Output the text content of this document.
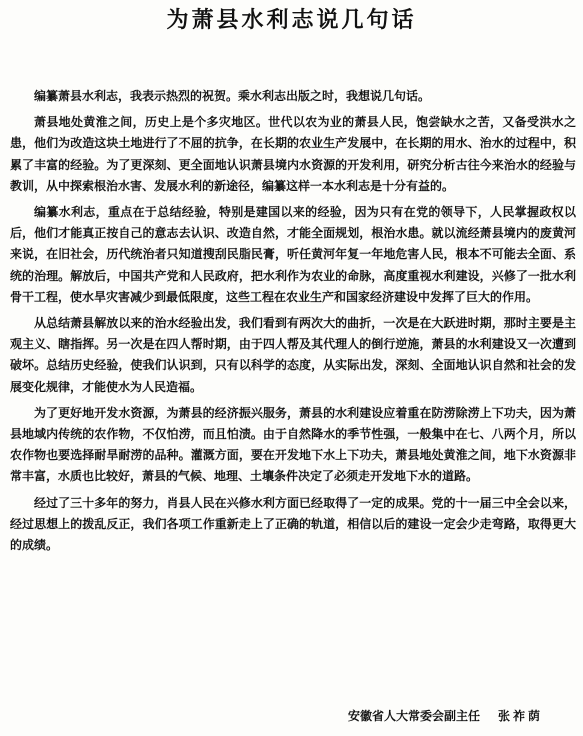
为萧县水利志说几句话

编纂萧县水利志，我表示热烈的祝贺。乘水利志出版之时，我想说几句话。

萧县地处黄淮之间，历史上是个多灾地区。世代以农为业的萧县人民，饱尝缺水之苦，又备受洪水之患，他们为改造这块土地进行了不屈的抗争，在长期的农业生产发展中，在长期的用水、治水的过程中，积累了丰富的经验。为了更深刻、更全面地认识萧县境内水资源的开发利用，研究分析古往今来治水的经验与教训，从中探索根治水害、发展水利的新途径，编纂这样一本水利志是十分有益的。

编纂水利志，重点在于总结经验，特别是建国以来的经验，因为只有在党的领导下，人民掌握政权以后，他们才能真正按自己的意志去认识、改造自然，才能全面规划，根治水患。就以流经萧县境内的废黄河来说，在旧社会，历代统治者只知道搜刮民脂民膏，听任黄河年复一年地危害人民，根本不可能去全面、系统的治理。解放后，中国共产党和人民政府，把水利作为农业的命脉，高度重视水利建设，兴修了一批水利骨干工程，使水旱灾害减少到最低限度，这些工程在农业生产和国家经济建设中发挥了巨大的作用。

从总结萧县解放以来的治水经验出发，我们看到有两次大的曲折，一次是在大跃进时期，那时主要是主观主义、瞎指挥。另一次是在四人帮时期，由于四人帮及其代理人的倒行逆施，萧县的水利建设又一次遭到破坏。总结历史经验，使我们认识到，只有以科学的态度，从实际出发，深刻、全面地认识自然和社会的发展变化规律，才能使水为人民造福。

为了更好地开发水资源，为萧县的经济振兴服务，萧县的水利建设应着重在防涝除涝上下功夫，因为萧县地域内传统的农作物，不仅怕涝，而且怕渍。由于自然降水的季节性强，一般集中在七、八两个月，所以农作物也要选择耐旱耐涝的品种。灌溉方面，要在开发地下水上下功夫，萧县地处黄淮之间，地下水资源非常丰富，水质也比较好，萧县的气候、地理、土壤条件决定了必须走开发地下水的道路。

经过了三十多年的努力，肖县人民在兴修水利方面已经取得了一定的成果。党的十一届三中全会以来，经过思想上的拨乱反正，我们各项工作重新走上了正确的轨道，相信以后的建设一定会少走弯路，取得更大的成绩。

安徽省人大常委会副主任 张祚荫
